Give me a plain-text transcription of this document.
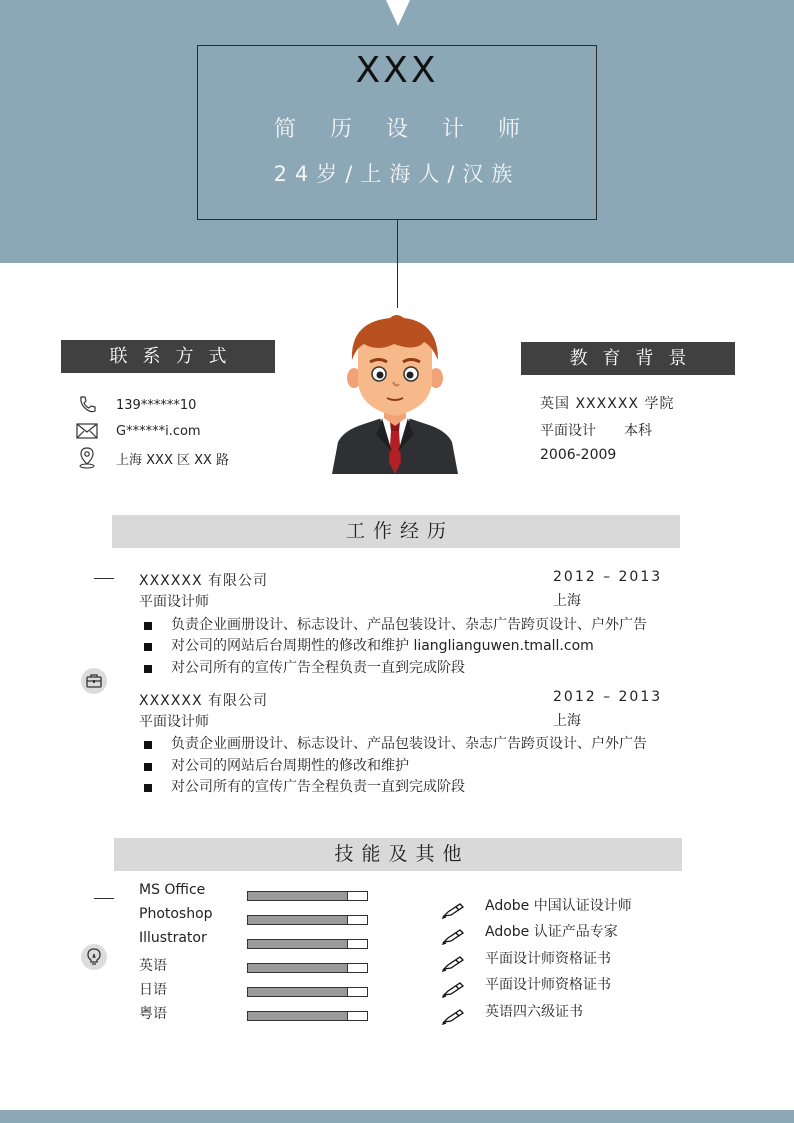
XXX
简历设计师
24岁/上海人/汉族
联系方式
139******10
G******i.com
上海 XXX 区 XX 路
教育背景
英国 XXXXXX 学院
平面设计 本科
2006-2009
工作经历
XXXXXX 有限公司	2012 – 2013
平面设计师	上海
负责企业画册设计、标志设计、产品包装设计、杂志广告跨页设计、户外广告
对公司的网站后台周期性的修改和维护 lianglianguwen.tmall.com
对公司所有的宣传广告全程负责一直到完成阶段
XXXXXX 有限公司	2012 – 2013
平面设计师	上海
负责企业画册设计、标志设计、产品包装设计、杂志广告跨页设计、户外广告
对公司的网站后台周期性的修改和维护
对公司所有的宣传广告全程负责一直到完成阶段
技能及其他
MS Office
Photoshop
Illustrator
英语
日语
粤语
Adobe 中国认证设计师
Adobe 认证产品专家
平面设计师资格证书
平面设计师资格证书
英语四六级证书
